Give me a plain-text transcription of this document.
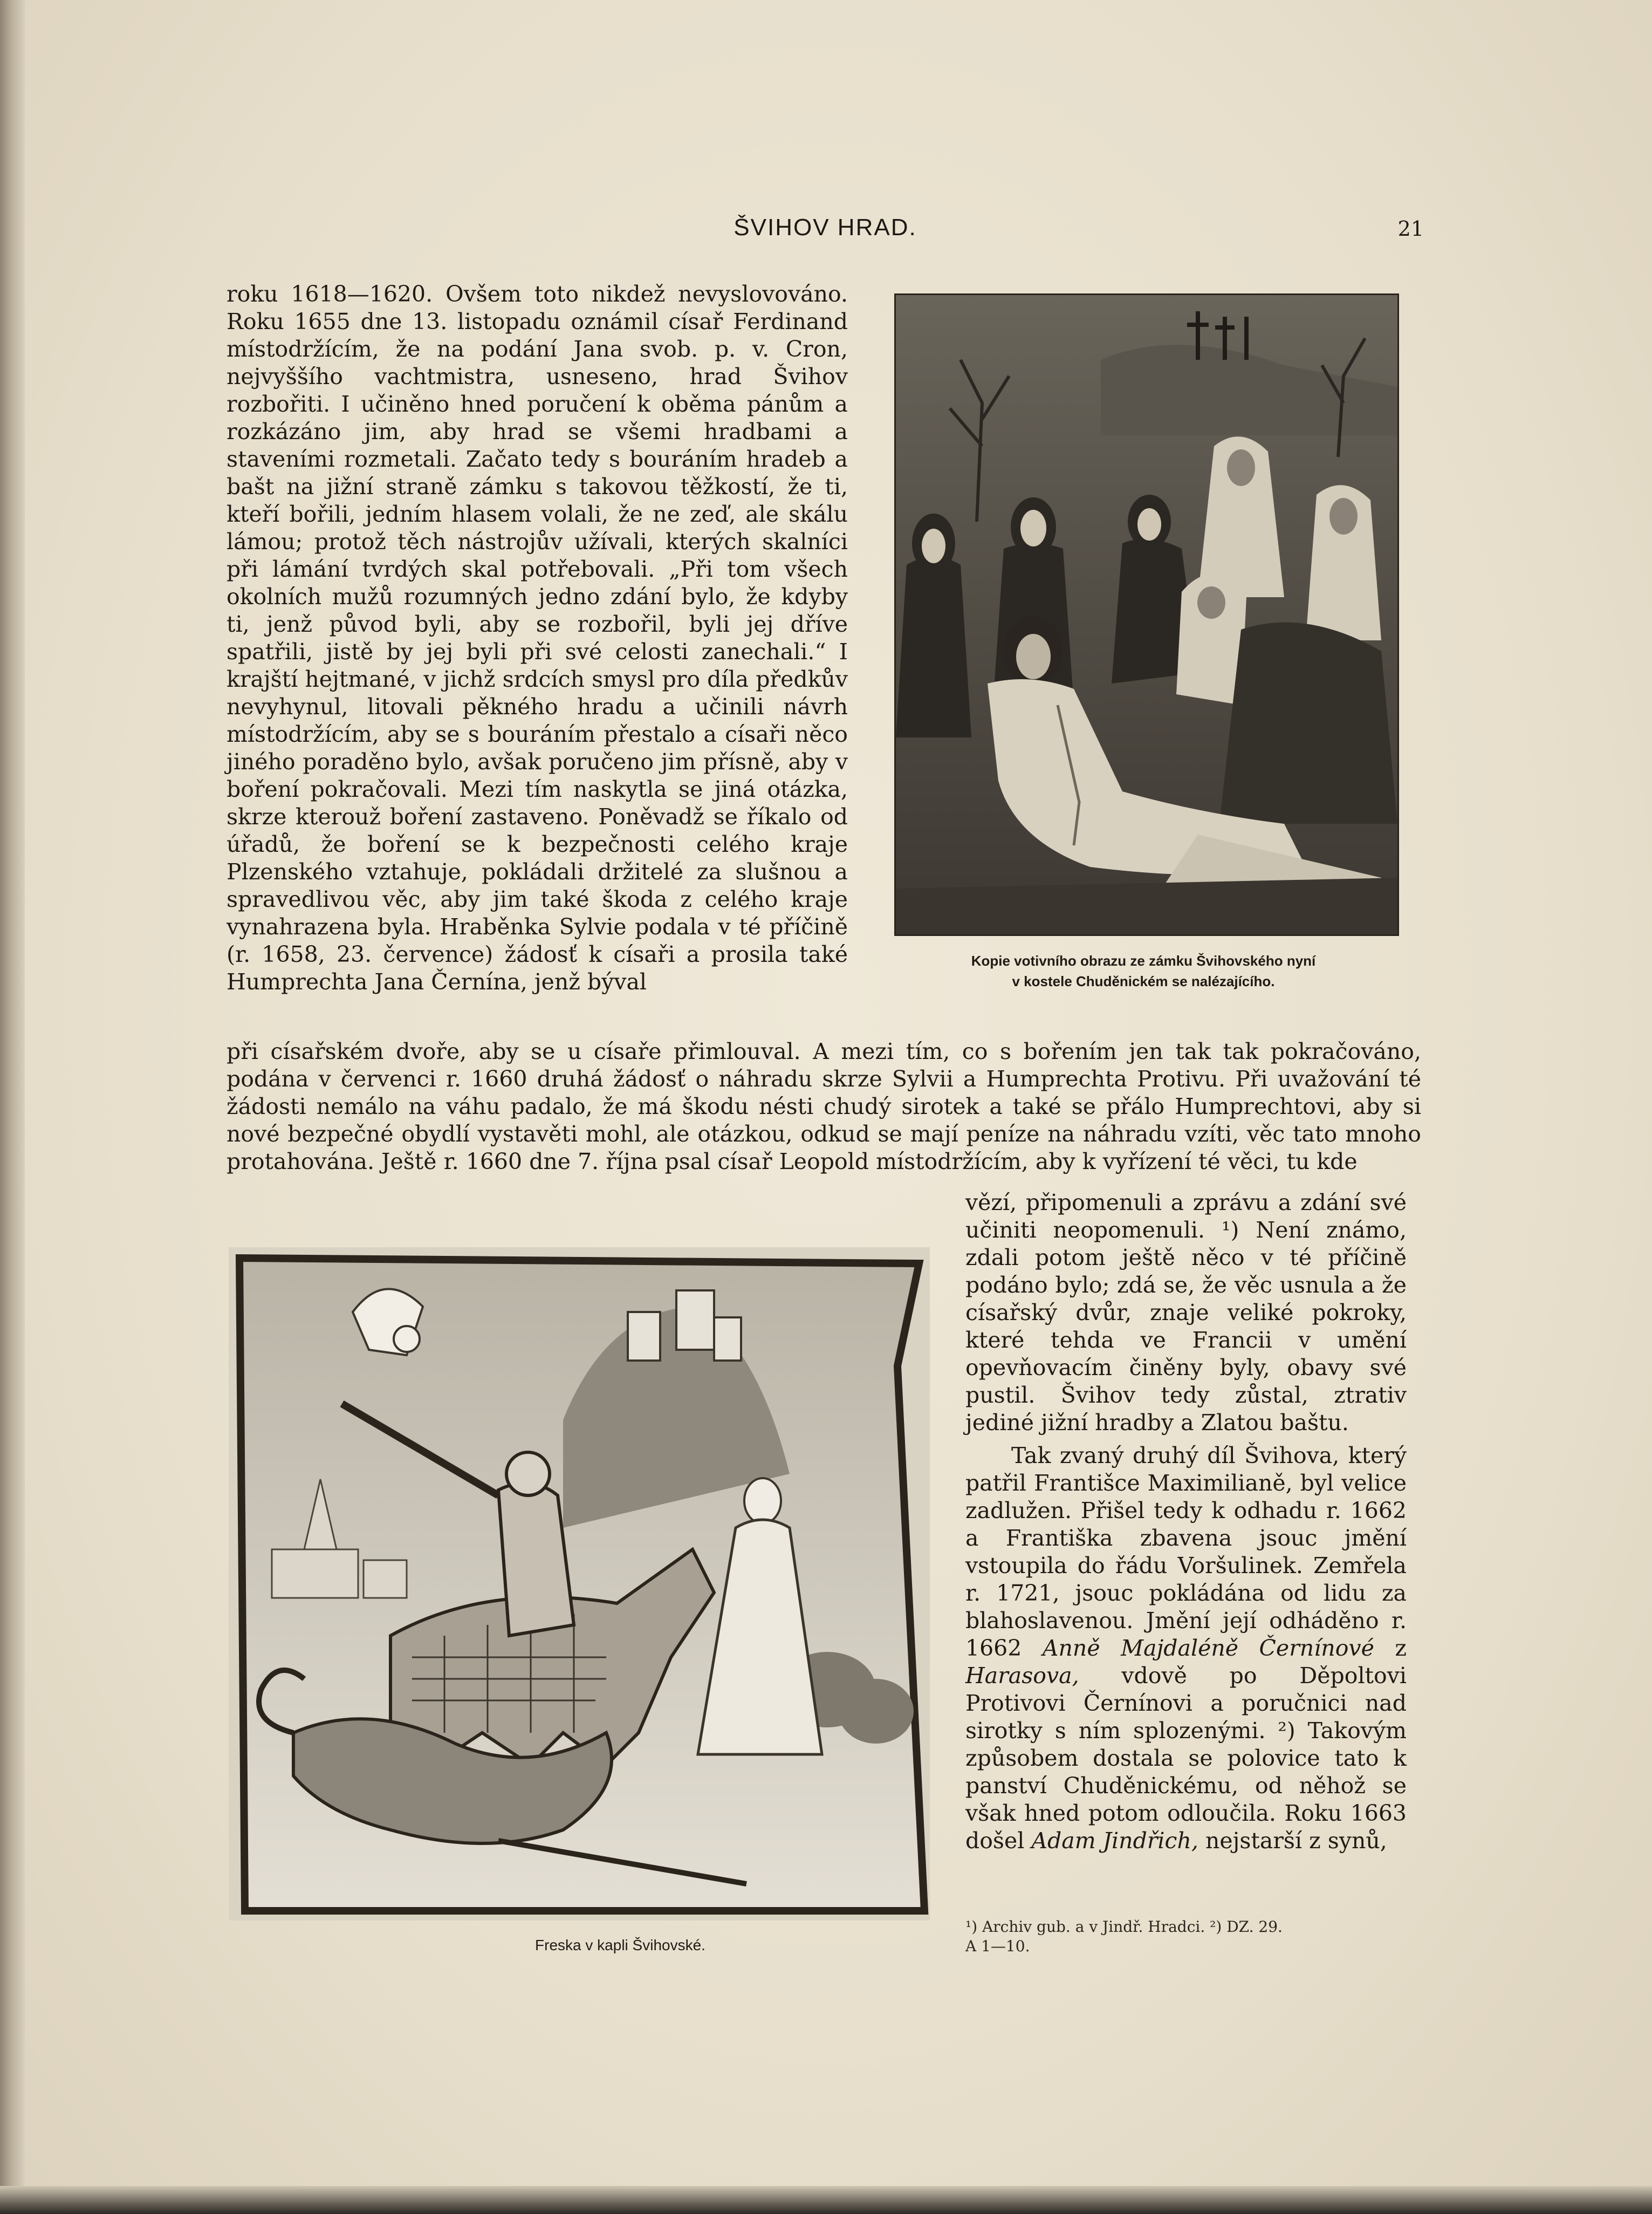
ŠVIHOV HRAD.	21

roku 1618—1620. Ovšem toto nikdež nevyslovováno. Roku 1655 dne 13. listopadu oznámil císař Ferdinand místodržícím, že na podání Jana svob. p. v. Cron, nejvyššího vachtmistra, usneseno, hrad Švihov rozbořiti. I učiněno hned poručení k oběma pánům a rozkázáno jim, aby hrad se všemi hradbami a staveními rozmetali. Začato tedy s bouráním hradeb a bašt na jižní straně zámku s takovou těžkostí, že ti, kteří bořili, jedním hlasem volali, že ne zeď, ale skálu lámou; protož těch nástrojův užívali, kterých skalníci při lámání tvrdých skal potřebovali. „Při tom všech okolních mužů rozumných jedno zdání bylo, že kdyby ti, jenž původ byli, aby se rozbořil, byli jej dříve spatřili, jistě by jej byli při své celosti zanechali.“ I krajští hejtmané, v jichž srdcích smysl pro díla předkův nevyhynul, litovali pěkného hradu a učinili návrh místodržícím, aby se s bouráním přestalo a císaři něco jiného poraděno bylo, avšak poručeno jim přísně, aby v boření pokračovali. Mezi tím naskytla se jiná otázka, skrze kterouž boření zastaveno. Poněvadž se říkalo od úřadů, že boření se k bezpečnosti celého kraje Plzenského vztahuje, pokládali držitelé za slušnou a spravedlivou věc, aby jim také škoda z celého kraje vynahrazena byla. Hraběnka Sylvie podala v té příčině (r. 1658, 23. července) žádosť k císaři a prosila také Humprechta Jana Černína, jenž býval

Kopie votivního obrazu ze zámku Švihovského nyní
v kostele Chuděnickém se nalézajícího.

při císařském dvoře, aby se u císaře přimlouval. A mezi tím, co s bořením jen tak tak pokračováno, podána v červenci r. 1660 druhá žádosť o náhradu skrze Sylvii a Humprechta Protivu. Při uvažování té žádosti nemálo na váhu padalo, že má škodu nésti chudý sirotek a také se přálo Humprechtovi, aby si nové bezpečné obydlí vystavěti mohl, ale otázkou, odkud se mají peníze na náhradu vzíti, věc tato mnoho protahována. Ještě r. 1660 dne 7. října psal císař Leopold místodržícím, aby k vyřízení té věci, tu kde

Freska v kapli Švihovské.

vězí, připomenuli a zprávu a zdání své učiniti neopomenuli. ¹) Není známo, zdali potom ještě něco v té příčině podáno bylo; zdá se, že věc usnula a že císařský dvůr, znaje veliké pokroky, které tehda ve Francii v umění opevňovacím činěny byly, obavy své pustil. Švihov tedy zůstal, ztrativ jediné jižní hradby a Zlatou baštu.

Tak zvaný druhý díl Švihova, který patřil Františce Maximilianě, byl velice zadlužen. Přišel tedy k odhadu r. 1662 a Františka zbavena jsouc jmění vstoupila do řádu Voršulinek. Zemřela r. 1721, jsouc pokládána od lidu za blahoslavenou. Jmění její odháděno r. 1662 Anně Majdaléně Černínové z Harasova, vdově po Děpoltovi Protivovi Černínovi a poručnici nad sirotky s ním splozenými. ²) Takovým způsobem dostala se polovice tato k panství Chuděnickému, od něhož se však hned potom odloučila. Roku 1663 došel Adam Jindřich, nejstarší z synů,

¹) Archiv gub. a v Jindř. Hradci. ²) DZ. 29.
A 1—10.
